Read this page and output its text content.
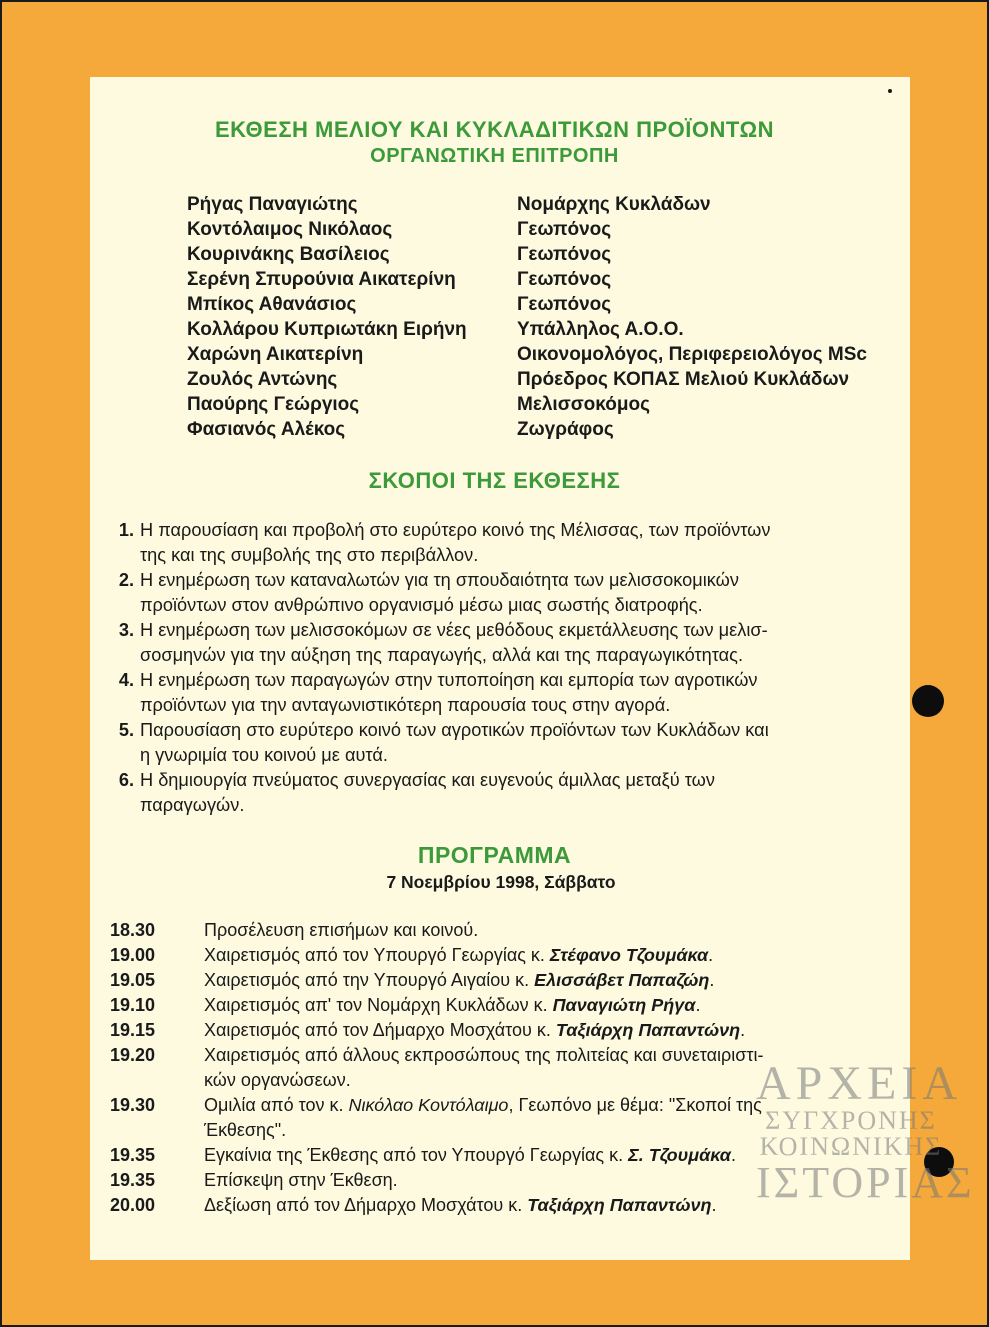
ΕΚΘΕΣΗ ΜΕΛΙΟΥ ΚΑΙ ΚΥΚΛΑΔΙΤΙΚΩΝ ΠΡΟΪΟΝΤΩΝ
ΟΡΓΑΝΩΤΙΚΗ ΕΠΙΤΡΟΠΗ
Ρήγας Παναγιώτης	Νομάρχης Κυκλάδων
Κοντόλαιμος Νικόλαος	Γεωπόνος
Κουρινάκης Βασίλειος	Γεωπόνος
Σερένη Σπυρούνια Αικατερίνη	Γεωπόνος
Μπίκος Αθανάσιος	Γεωπόνος
Κολλάρου Κυπριωτάκη Ειρήνη	Υπάλληλος Α.Ο.Ο.
Χαρώνη Αικατερίνη	Οικονομολόγος, Περιφερειολόγος MSc
Ζουλός Αντώνης	Πρόεδρος ΚΟΠΑΣ Μελιού Κυκλάδων
Παούρης Γεώργιος	Μελισσοκόμος
Φασιανός Αλέκος	Ζωγράφος
ΣΚΟΠΟΙ ΤΗΣ ΕΚΘΕΣΗΣ
1. Η παρουσίαση και προβολή στο ευρύτερο κοινό της Μέλισσας, των προϊόντων
της και της συμβολής της στο περιβάλλον.
2. Η ενημέρωση των καταναλωτών για τη σπουδαιότητα των μελισσοκομικών
προϊόντων στον ανθρώπινο οργανισμό μέσω μιας σωστής διατροφής.
3. Η ενημέρωση των μελισσοκόμων σε νέες μεθόδους εκμετάλλευσης των μελισ-
σοσμηνών για την αύξηση της παραγωγής, αλλά και της παραγωγικότητας.
4. Η ενημέρωση των παραγωγών στην τυποποίηση και εμπορία των αγροτικών
προϊόντων για την ανταγωνιστικότερη παρουσία τους στην αγορά.
5. Παρουσίαση στο ευρύτερο κοινό των αγροτικών προϊόντων των Κυκλάδων και
η γνωριμία του κοινού με αυτά.
6. Η δημιουργία πνεύματος συνεργασίας και ευγενούς άμιλλας μεταξύ των
παραγωγών.
ΠΡΟΓΡΑΜΜΑ
7 Νοεμβρίου 1998, Σάββατο
18.30	Προσέλευση επισήμων και κοινού.
19.00	Χαιρετισμός από τον Υπουργό Γεωργίας κ. Στέφανο Τζουμάκα.
19.05	Χαιρετισμός από την Υπουργό Αιγαίου κ. Ελισσάβετ Παπαζώη.
19.10	Χαιρετισμός απ' τον Νομάρχη Κυκλάδων κ. Παναγιώτη Ρήγα.
19.15	Χαιρετισμός από τον Δήμαρχο Μοσχάτου κ. Ταξιάρχη Παπαντώνη.
19.20	Χαιρετισμός από άλλους εκπροσώπους της πολιτείας και συνεταιριστι-
κών οργανώσεων.
19.30	Ομιλία από τον κ. Νικόλαο Κοντόλαιμο, Γεωπόνο με θέμα: "Σκοποί της
Έκθεσης".
19.35	Εγκαίνια της Έκθεσης από τον Υπουργό Γεωργίας κ. Σ. Τζουμάκα.
19.35	Επίσκεψη στην Έκθεση.
20.00	Δεξίωση από τον Δήμαρχο Μοσχάτου κ. Ταξιάρχη Παπαντώνη.
ΑΡΧΕΙΑ
ΣΥΓΧΡΟΝΗΣ
ΚΟΙΝΩΝΙΚΗΣ
ΙΣΤΟΡΙΑΣ
